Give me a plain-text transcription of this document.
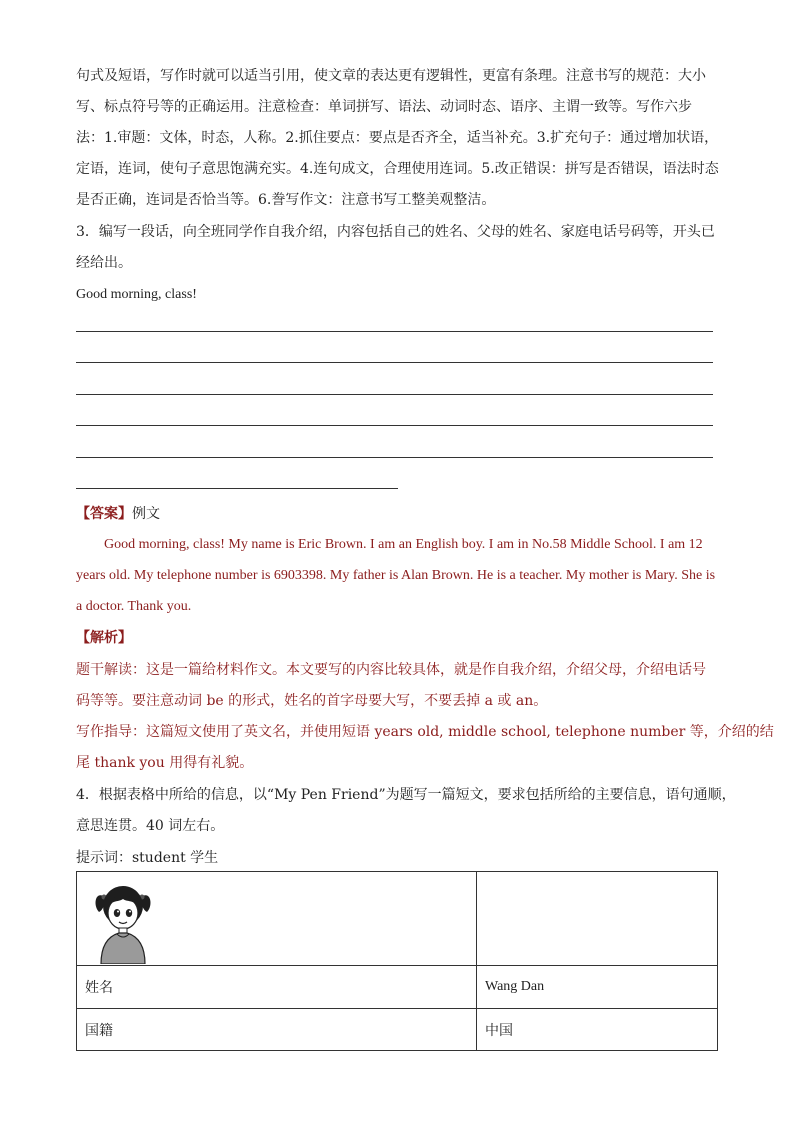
句式及短语，写作时就可以适当引用，使文章的表达更有逻辑性，更富有条理。注意书写的规范：大小
写、标点符号等的正确运用。注意检查：单词拼写、语法、动词时态、语序、主谓一致等。写作六步
法：1.审题：文体，时态，人称。2.抓住要点：要点是否齐全，适当补充。3.扩充句子：通过增加状语，
定语，连词，使句子意思饱满充实。4.连句成文，合理使用连词。5.改正错误：拼写是否错误，语法时态
是否正确，连词是否恰当等。6.誊写作文：注意书写工整美观整洁。
3．编写一段话，向全班同学作自我介绍，内容包括自己的姓名、父母的姓名、家庭电话号码等，开头已
经给出。
Good morning, class!
【答案】例文
Good morning, class! My name is Eric Brown. I am an English boy. I am in No.58 Middle School. I am 12
years old. My telephone number is 6903398. My father is Alan Brown. He is a teacher. My mother is Mary. She is
a doctor. Thank you.
【解析】
题干解读：这是一篇给材料作文。本文要写的内容比较具体，就是作自我介绍，介绍父母，介绍电话号
码等等。要注意动词 be 的形式，姓名的首字母要大写，不要丢掉 a 或 an。
写作指导：这篇短文使用了英文名，并使用短语 years old, middle school, telephone number 等，介绍的结
尾 thank you 用得有礼貌。
4．根据表格中所给的信息，以“My Pen Friend”为题写一篇短文，要求包括所给的主要信息，语句通顺，
意思连贯。40 词左右。
提示词：student 学生

姓名	Wang Dan
国籍	中国
